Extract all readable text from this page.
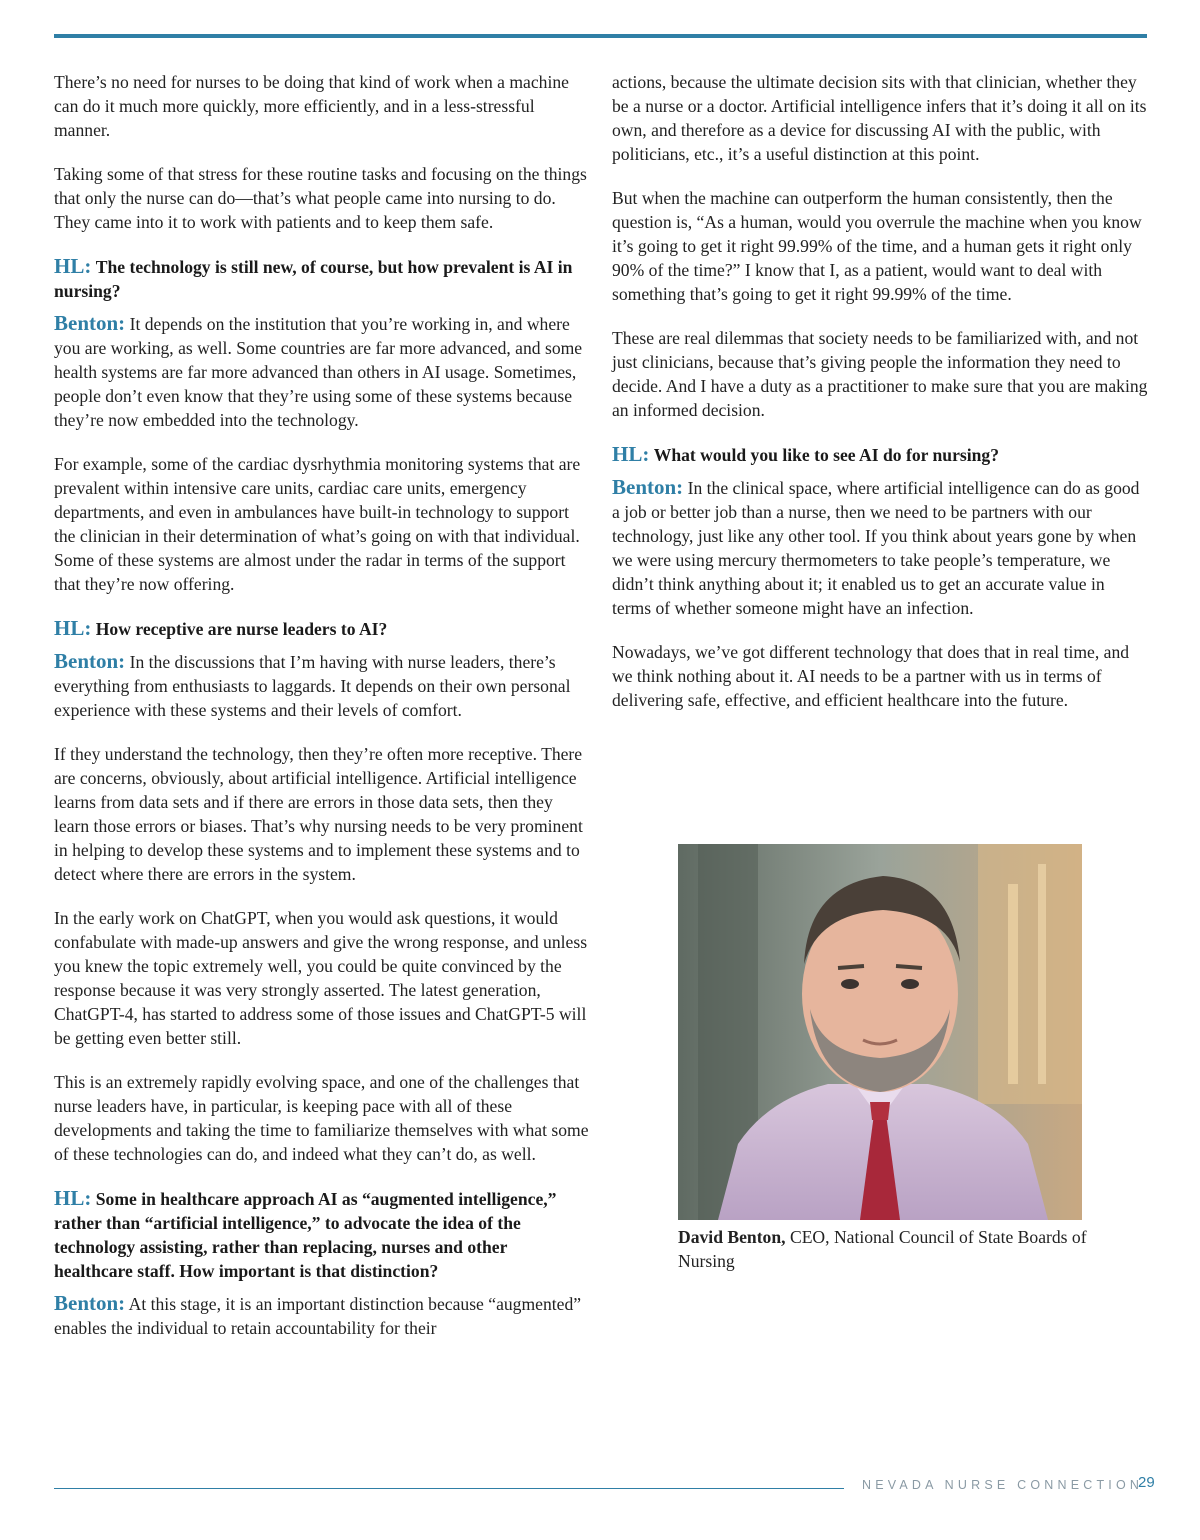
There’s no need for nurses to be doing that kind of work when a machine can do it much more quickly, more efficiently, and in a less-stressful manner.

Taking some of that stress for these routine tasks and focusing on the things that only the nurse can do—that’s what people came into nursing to do. They came into it to work with patients and to keep them safe.

HL: The technology is still new, of course, but how prevalent is AI in nursing?

Benton: It depends on the institution that you’re working in, and where you are working, as well. Some countries are far more advanced, and some health systems are far more advanced than others in AI usage. Sometimes, people don’t even know that they’re using some of these systems because they’re now embedded into the technology.

For example, some of the cardiac dysrhythmia monitoring systems that are prevalent within intensive care units, cardiac care units, emergency departments, and even in ambulances have built-in technology to support the clinician in their determination of what’s going on with that individual. Some of these systems are almost under the radar in terms of the support that they’re now offering.

HL: How receptive are nurse leaders to AI?

Benton: In the discussions that I’m having with nurse leaders, there’s everything from enthusiasts to laggards. It depends on their own personal experience with these systems and their levels of comfort.

If they understand the technology, then they’re often more receptive. There are concerns, obviously, about artificial intelligence. Artificial intelligence learns from data sets and if there are errors in those data sets, then they learn those errors or biases. That’s why nursing needs to be very prominent in helping to develop these systems and to implement these systems and to detect where there are errors in the system.

In the early work on ChatGPT, when you would ask questions, it would confabulate with made-up answers and give the wrong response, and unless you knew the topic extremely well, you could be quite convinced by the response because it was very strongly asserted. The latest generation, ChatGPT-4, has started to address some of those issues and ChatGPT-5 will be getting even better still.

This is an extremely rapidly evolving space, and one of the challenges that nurse leaders have, in particular, is keeping pace with all of these developments and taking the time to familiarize themselves with what some of these technologies can do, and indeed what they can’t do, as well.

HL: Some in healthcare approach AI as “augmented intelligence,” rather than “artificial intelligence,” to advocate the idea of the technology assisting, rather than replacing, nurses and other healthcare staff. How important is that distinction?

Benton: At this stage, it is an important distinction because “augmented” enables the individual to retain accountability for their

actions, because the ultimate decision sits with that clinician, whether they be a nurse or a doctor. Artificial intelligence infers that it’s doing it all on its own, and therefore as a device for discussing AI with the public, with politicians, etc., it’s a useful distinction at this point.

But when the machine can outperform the human consistently, then the question is, “As a human, would you overrule the machine when you know it’s going to get it right 99.99% of the time, and a human gets it right only 90% of the time?” I know that I, as a patient, would want to deal with something that’s going to get it right 99.99% of the time.

These are real dilemmas that society needs to be familiarized with, and not just clinicians, because that’s giving people the information they need to decide. And I have a duty as a practitioner to make sure that you are making an informed decision.

HL: What would you like to see AI do for nursing?

Benton: In the clinical space, where artificial intelligence can do as good a job or better job than a nurse, then we need to be partners with our technology, just like any other tool. If you think about years gone by when we were using mercury thermometers to take people’s temperature, we didn’t think anything about it; it enabled us to get an accurate value in terms of whether someone might have an infection.

Nowadays, we’ve got different technology that does that in real time, and we think nothing about it. AI needs to be a partner with us in terms of delivering safe, effective, and efficient healthcare into the future.

David Benton, CEO, National Council of State Boards of Nursing
NEVADA NURSE CONNECTION
29
